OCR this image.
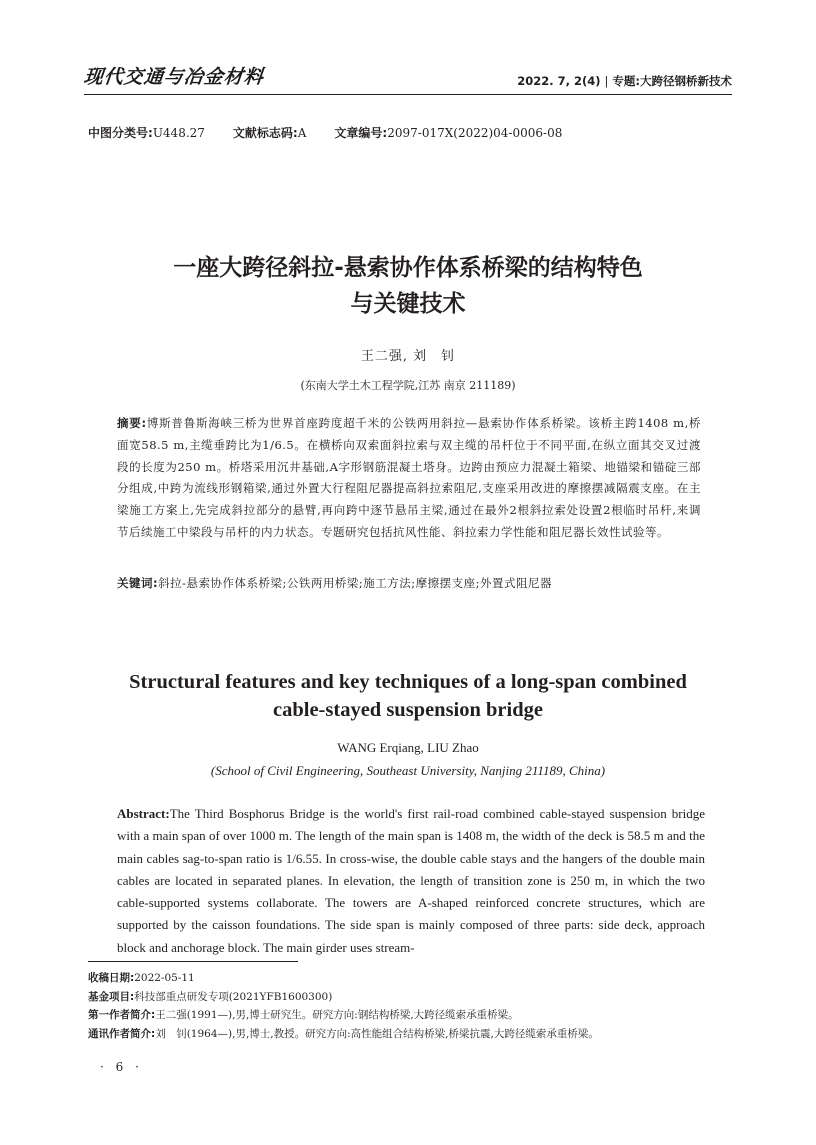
现代交通与冶金材料	2022. 7, 2(4) | 专题:大跨径钢桥新技术
中图分类号:U448.27 文献标志码:A 文章编号:2097-017X(2022)04-0006-08
一座大跨径斜拉-悬索协作体系桥梁的结构特色
与关键技术
王二强, 刘　钊
(东南大学土木工程学院,江苏 南京 211189)
摘要:博斯普鲁斯海峡三桥为世界首座跨度超千米的公铁两用斜拉—悬索协作体系桥梁。该桥主跨1408 m,桥面宽58.5 m,主缆垂跨比为1/6.5。在横桥向双索面斜拉索与双主缆的吊杆位于不同平面,在纵立面其交叉过渡段的长度为250 m。桥塔采用沉井基础,A字形钢筋混凝土塔身。边跨由预应力混凝土箱梁、地锚梁和锚碇三部分组成,中跨为流线形钢箱梁,通过外置大行程阻尼器提高斜拉索阻尼,支座采用改进的摩擦摆减隔震支座。在主梁施工方案上,先完成斜拉部分的悬臂,再向跨中逐节悬吊主梁,通过在最外2根斜拉索处设置2根临时吊杆,来调节后续施工中梁段与吊杆的内力状态。专题研究包括抗风性能、斜拉索力学性能和阻尼器长效性试验等。
关键词:斜拉-悬索协作体系桥梁;公铁两用桥梁;施工方法;摩擦摆支座;外置式阻尼器
Structural features and key techniques of a long-span combined
cable-stayed suspension bridge
WANG Erqiang, LIU Zhao
(School of Civil Engineering, Southeast University, Nanjing 211189, China)
Abstract:The Third Bosphorus Bridge is the world's first rail-road combined cable-stayed suspension bridge with a main span of over 1000 m. The length of the main span is 1408 m, the width of the deck is 58.5 m and the main cables sag-to-span ratio is 1/6.55. In cross-wise, the double cable stays and the hangers of the double main cables are located in separated planes. In elevation, the length of transition zone is 250 m, in which the two cable-supported systems collaborate. The towers are A-shaped reinforced concrete structures, which are supported by the caisson foundations. The side span is mainly composed of three parts: side deck, approach block and anchorage block. The main girder uses stream-
收稿日期:2022-05-11
基金项目:科技部重点研发专项(2021YFB1600300)
第一作者简介:王二强(1991—),男,博士研究生。研究方向:钢结构桥梁,大跨径缆索承重桥梁。
通讯作者简介:刘　钊(1964—),男,博士,教授。研究方向:高性能组合结构桥梁,桥梁抗震,大跨径缆索承重桥梁。
· 6 ·
